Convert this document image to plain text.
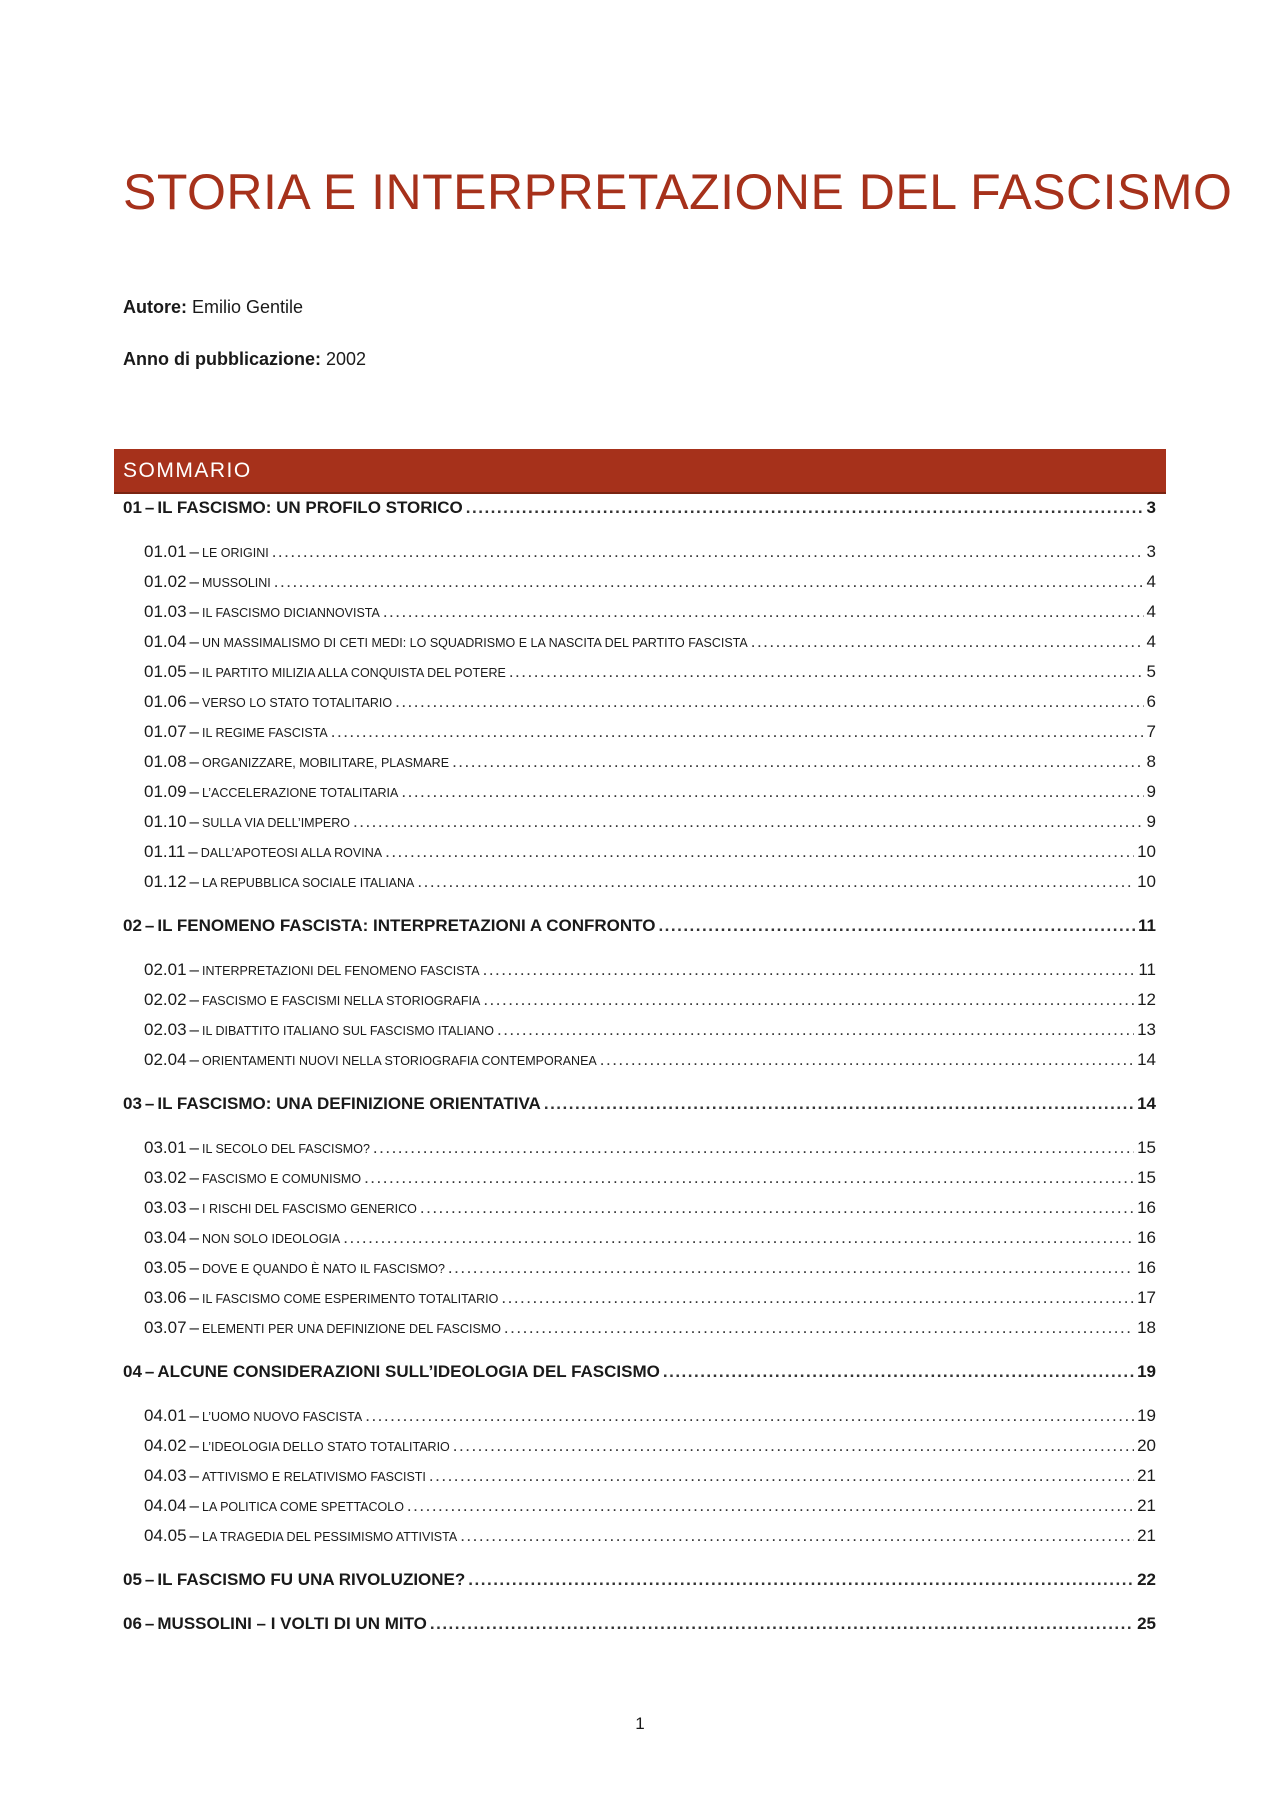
STORIA E INTERPRETAZIONE DEL FASCISMO
Autore: Emilio Gentile
Anno di pubblicazione: 2002
SOMMARIO
01 – IL FASCISMO: UN PROFILO STORICO .....	3
01.01 – LE ORIGINI .....	3
01.02 – MUSSOLINI .....	4
01.03 – IL FASCISMO DICIANNOVISTA .....	4
01.04 – UN MASSIMALISMO DI CETI MEDI: LO SQUADRISMO E LA NASCITA DEL PARTITO FASCISTA .....	4
01.05 – IL PARTITO MILIZIA ALLA CONQUISTA DEL POTERE .....	5
01.06 – VERSO LO STATO TOTALITARIO .....	6
01.07 – IL REGIME FASCISTA .....	7
01.08 – ORGANIZZARE, MOBILITARE, PLASMARE .....	8
01.09 – L’ACCELERAZIONE TOTALITARIA .....	9
01.10 – SULLA VIA DELL’IMPERO .....	9
01.11 – DALL’APOTEOSI ALLA ROVINA .....	10
01.12 – LA REPUBBLICA SOCIALE ITALIANA .....	10
02 – IL FENOMENO FASCISTA: INTERPRETAZIONI A CONFRONTO .....	11
02.01 – INTERPRETAZIONI DEL FENOMENO FASCISTA .....	11
02.02 – FASCISMO E FASCISMI NELLA STORIOGRAFIA .....	12
02.03 – IL DIBATTITO ITALIANO SUL FASCISMO ITALIANO .....	13
02.04 – ORIENTAMENTI NUOVI NELLA STORIOGRAFIA CONTEMPORANEA .....	14
03 – IL FASCISMO: UNA DEFINIZIONE ORIENTATIVA .....	14
03.01 – IL SECOLO DEL FASCISMO? .....	15
03.02 – FASCISMO E COMUNISMO .....	15
03.03 – I RISCHI DEL FASCISMO GENERICO .....	16
03.04 – NON SOLO IDEOLOGIA .....	16
03.05 – DOVE E QUANDO È NATO IL FASCISMO? .....	16
03.06 – IL FASCISMO COME ESPERIMENTO TOTALITARIO .....	17
03.07 – ELEMENTI PER UNA DEFINIZIONE DEL FASCISMO .....	18
04 – ALCUNE CONSIDERAZIONI SULL’IDEOLOGIA DEL FASCISMO .....	19
04.01 – L’UOMO NUOVO FASCISTA .....	19
04.02 – L’IDEOLOGIA DELLO STATO TOTALITARIO .....	20
04.03 – ATTIVISMO E RELATIVISMO FASCISTI .....	21
04.04 – LA POLITICA COME SPETTACOLO .....	21
04.05 – LA TRAGEDIA DEL PESSIMISMO ATTIVISTA .....	21
05 – IL FASCISMO FU UNA RIVOLUZIONE? .....	22
06 – MUSSOLINI – I VOLTI DI UN MITO .....	25
1
